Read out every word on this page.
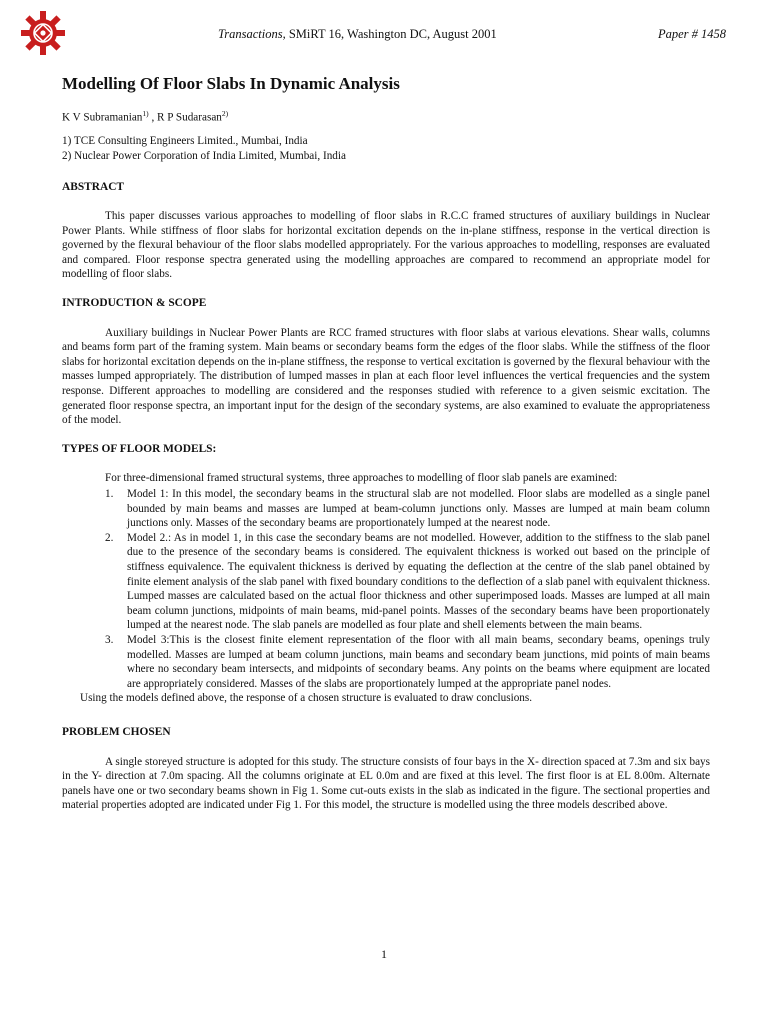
Transactions, SMiRT 16, Washington DC, August 2001	Paper # 1458
Modelling Of Floor Slabs In Dynamic Analysis
K V Subramanian$^{1)}$ , R P Sudarasan$^{2)}$

1) TCE Consulting Engineers Limited., Mumbai, India

2) Nuclear Power Corporation of India Limited, Mumbai, India

ABSTRACT

This paper discusses various approaches to modelling of floor slabs in R.C.C framed structures of auxiliary buildings in Nuclear Power Plants. While stiffness of floor slabs for horizontal excitation depends on the in-plane stiffness, response in the vertical direction is governed by the flexural behaviour of the floor slabs modelled appropriately. For the various approaches to modelling, responses are evaluated and compared. Floor response spectra generated using the modelling approaches are compared to recommend an appropriate model for modelling of floor slabs.

INTRODUCTION & SCOPE

Auxiliary buildings in Nuclear Power Plants are RCC framed structures with floor slabs at various elevations. Shear walls, columns and beams form part of the framing system. Main beams or secondary beams form the edges of the floor slabs. While the stiffness of the floor slabs for horizontal excitation depends on the in-plane stiffness, the response to vertical excitation is governed by the flexural behaviour with the masses lumped appropriately. The distribution of lumped masses in plan at each floor level influences the vertical frequencies and the system response. Different approaches to modelling are considered and the responses studied with reference to a given seismic excitation. The generated floor response spectra, an important input for the design of the secondary systems, are also examined to evaluate the appropriateness of the model.

TYPES OF FLOOR MODELS:
For three-dimensional framed structural systems, three approaches to modelling of floor slab panels are examined:
1. Model 1: In this model, the secondary beams in the structural slab are not modelled. Floor slabs are modelled as a single panel bounded by main beams and masses are lumped at beam-column junctions only. Masses are lumped at main beam column junctions only. Masses of the secondary beams are proportionately lumped at the nearest node.
2. Model 2.: As in model 1, in this case the secondary beams are not modelled. However, addition to the stiffness to the slab panel due to the presence of the secondary beams is considered. The equivalent thickness is worked out based on the principle of stiffness equivalence. The equivalent thickness is derived by equating the deflection at the centre of the slab panel obtained by finite element analysis of the slab panel with fixed boundary conditions to the deflection of a slab panel with equivalent thickness. Lumped masses are calculated based on the actual floor thickness and other superimposed loads. Masses are lumped at all main beam column junctions, midpoints of main beams, mid-panel points. Masses of the secondary beams have been proportionately lumped at the nearest node. The slab panels are modelled as four plate and shell elements between the main beams.
3. Model 3:This is the closest finite element representation of the floor with all main beams, secondary beams, openings truly modelled. Masses are lumped at beam column junctions, main beams and secondary beam junctions, mid points of main beams where no secondary beam intersects, and midpoints of secondary beams. Any points on the beams where equipment are located are appropriately considered. Masses of the slabs are proportionately lumped at the appropriate panel nodes.
Using the models defined above, the response of a chosen structure is evaluated to draw conclusions.
PROBLEM CHOSEN

A single storeyed structure is adopted for this study. The structure consists of four bays in the X- direction spaced at 7.3m and six bays in the Y- direction at 7.0m spacing. All the columns originate at EL 0.0m and are fixed at this level. The first floor is at EL 8.00m. Alternate panels have one or two secondary beams shown in Fig 1. Some cut-outs exists in the slab as indicated in the figure. The sectional properties and material properties adopted are indicated under Fig 1. For this model, the structure is modelled using the three models described above.

1
